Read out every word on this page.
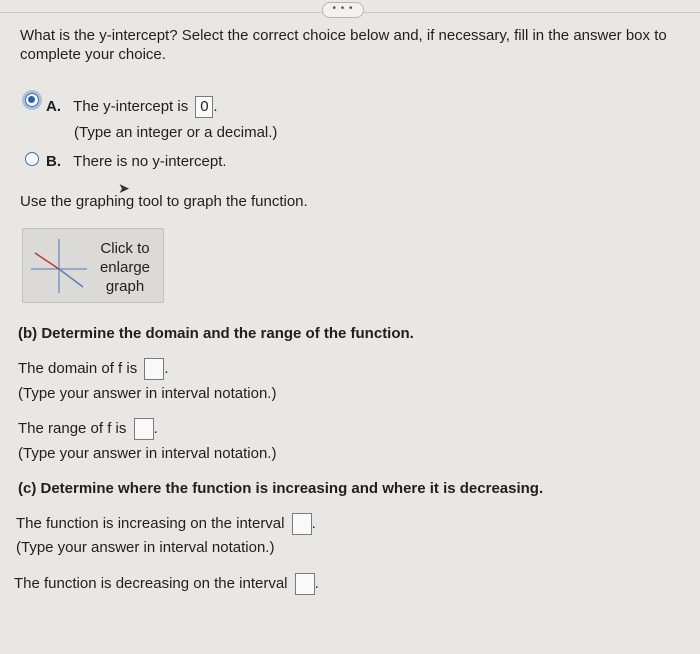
• • •
What is the y-intercept? Select the correct choice below and, if necessary, fill in the answer box to complete your choice.
A. The y-intercept is 0 .
(Type an integer or a decimal.)
B. There is no y-intercept.
Use the graphing tool to graph the function.
➤
Click to
enlarge
graph
(b) Determine the domain and the range of the function.
The domain of f is .
(Type your answer in interval notation.)
The range of f is .
(Type your answer in interval notation.)
(c) Determine where the function is increasing and where it is decreasing.
The function is increasing on the interval .
(Type your answer in interval notation.)
The function is decreasing on the interval .
